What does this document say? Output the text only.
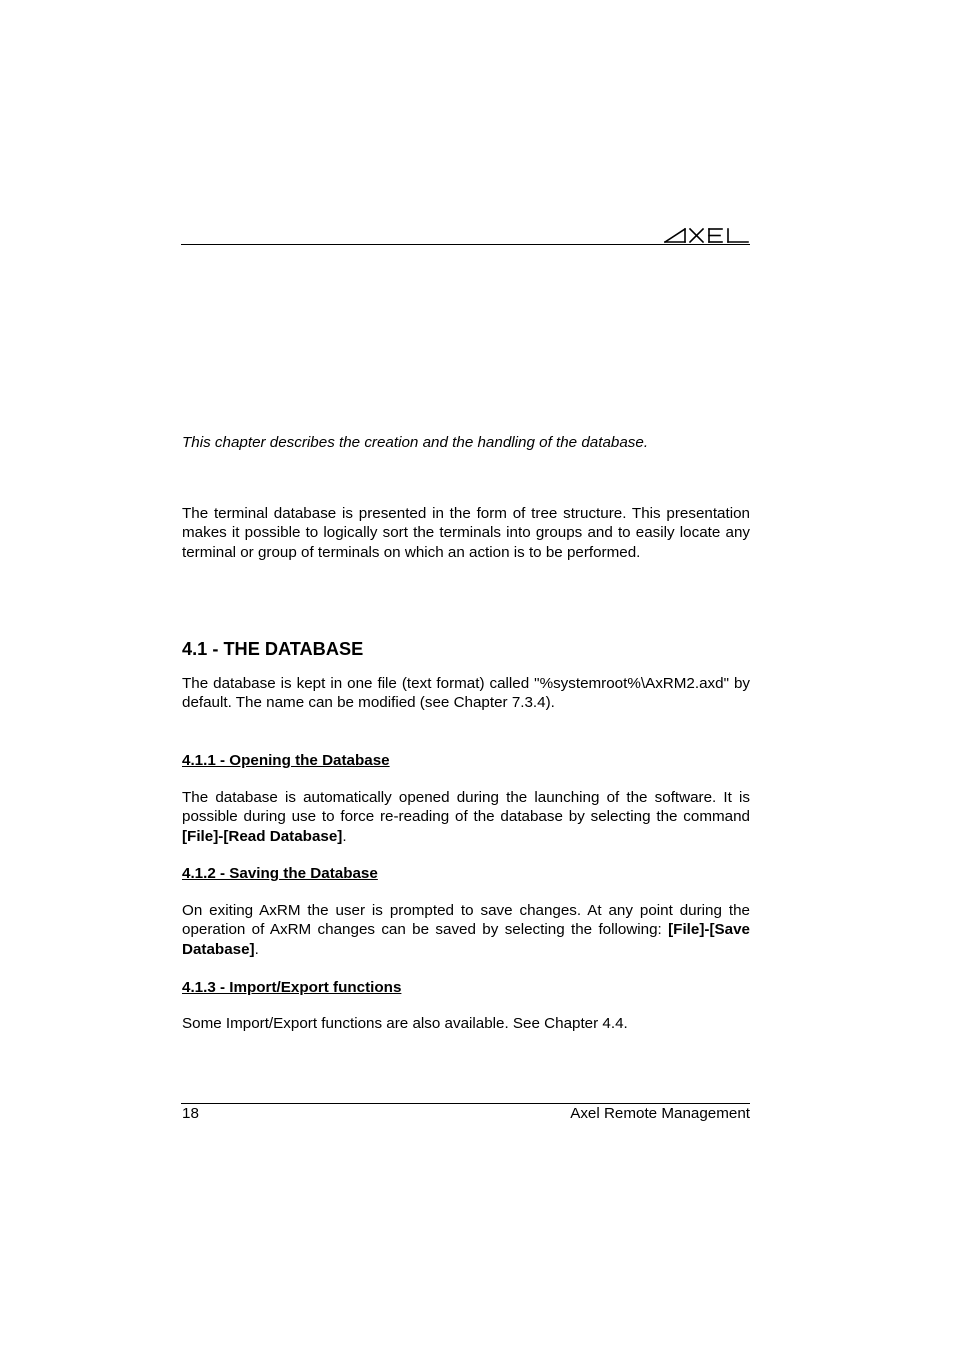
This chapter describes the creation and the handling of the database.
The terminal database is presented in the form of tree structure. This presentation makes it possible to logically sort the terminals into groups and to easily locate any terminal or group of terminals on which an action is to be performed.
4.1 - THE DATABASE
The database is kept in one file (text format) called "%systemroot%\AxRM2.axd" by default. The name can be modified (see Chapter 7.3.4).
4.1.1 - Opening the Database
The database is automatically opened during the launching of the software. It is possible during use to force re-reading of the database by selecting the command [File]-[Read Database].
4.1.2 - Saving the Database
On exiting AxRM the user is prompted to save changes. At any point during the operation of AxRM changes can be saved by selecting the following: [File]-[Save Database].
4.1.3 - Import/Export functions
Some Import/Export functions are also available. See Chapter 4.4.
18	Axel Remote Management
